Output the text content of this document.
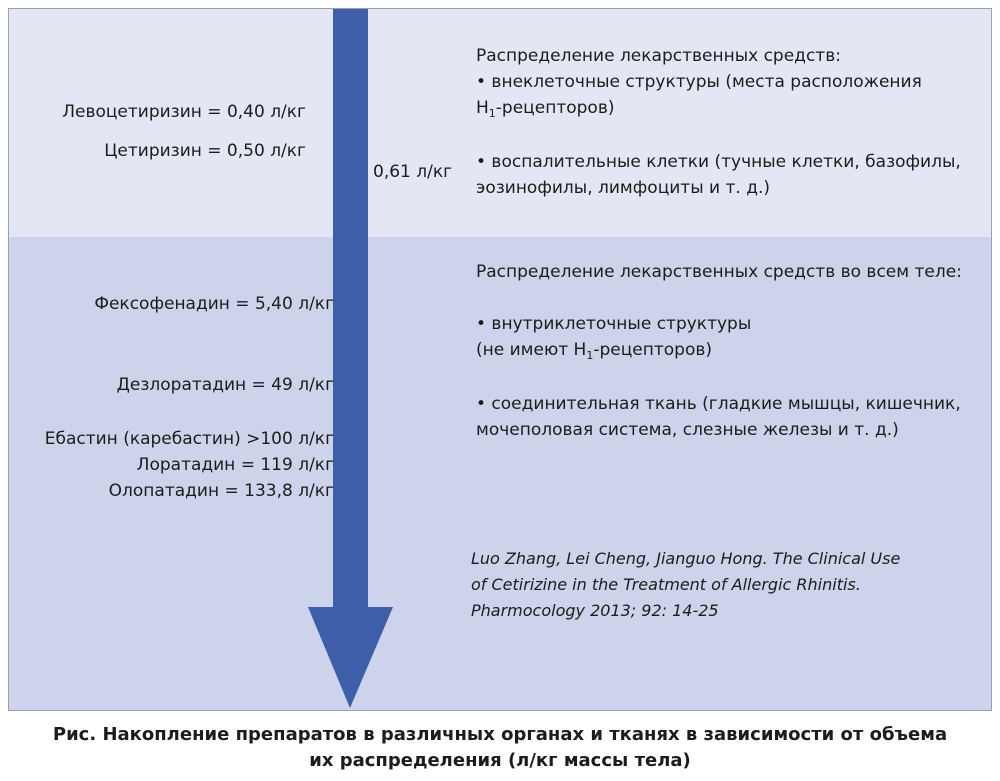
Левоцетиризин = 0,40 л/кг
Цетиризин = 0,50 л/кг
0,61 л/кг
Распределение лекарственных средств:
• внеклеточные структуры (места расположения
$Н_1-рецепторов$)
• воспалительные клетки (тучные клетки, базофилы,
эозинофилы, лимфоциты и т. д.)
Фексофенадин = 5,40 л/кг
Дезлоратадин = 49 л/кг
Ебастин (каребастин) >100 л/кг
Лоратадин = 119 л/кг
Олопатадин = 133,8 л/кг
Распределение лекарственных средств во всем теле:
• внутриклеточные структуры
(не имеют $Н_1-рецепторов$)
• соединительная ткань (гладкие мышцы, кишечник,
мочеполовая система, слезные железы и т. д.)
Luo Zhang, Lei Cheng, Jianguo Hong. The Clinical Use
of Cetirizine in the Treatment of Allergic Rhinitis.
Pharmocology 2013; 92: 14-25
Рис. Накопление препаратов в различных органах и тканях в зависимости от объема
их распределения (л/кг массы тела)
